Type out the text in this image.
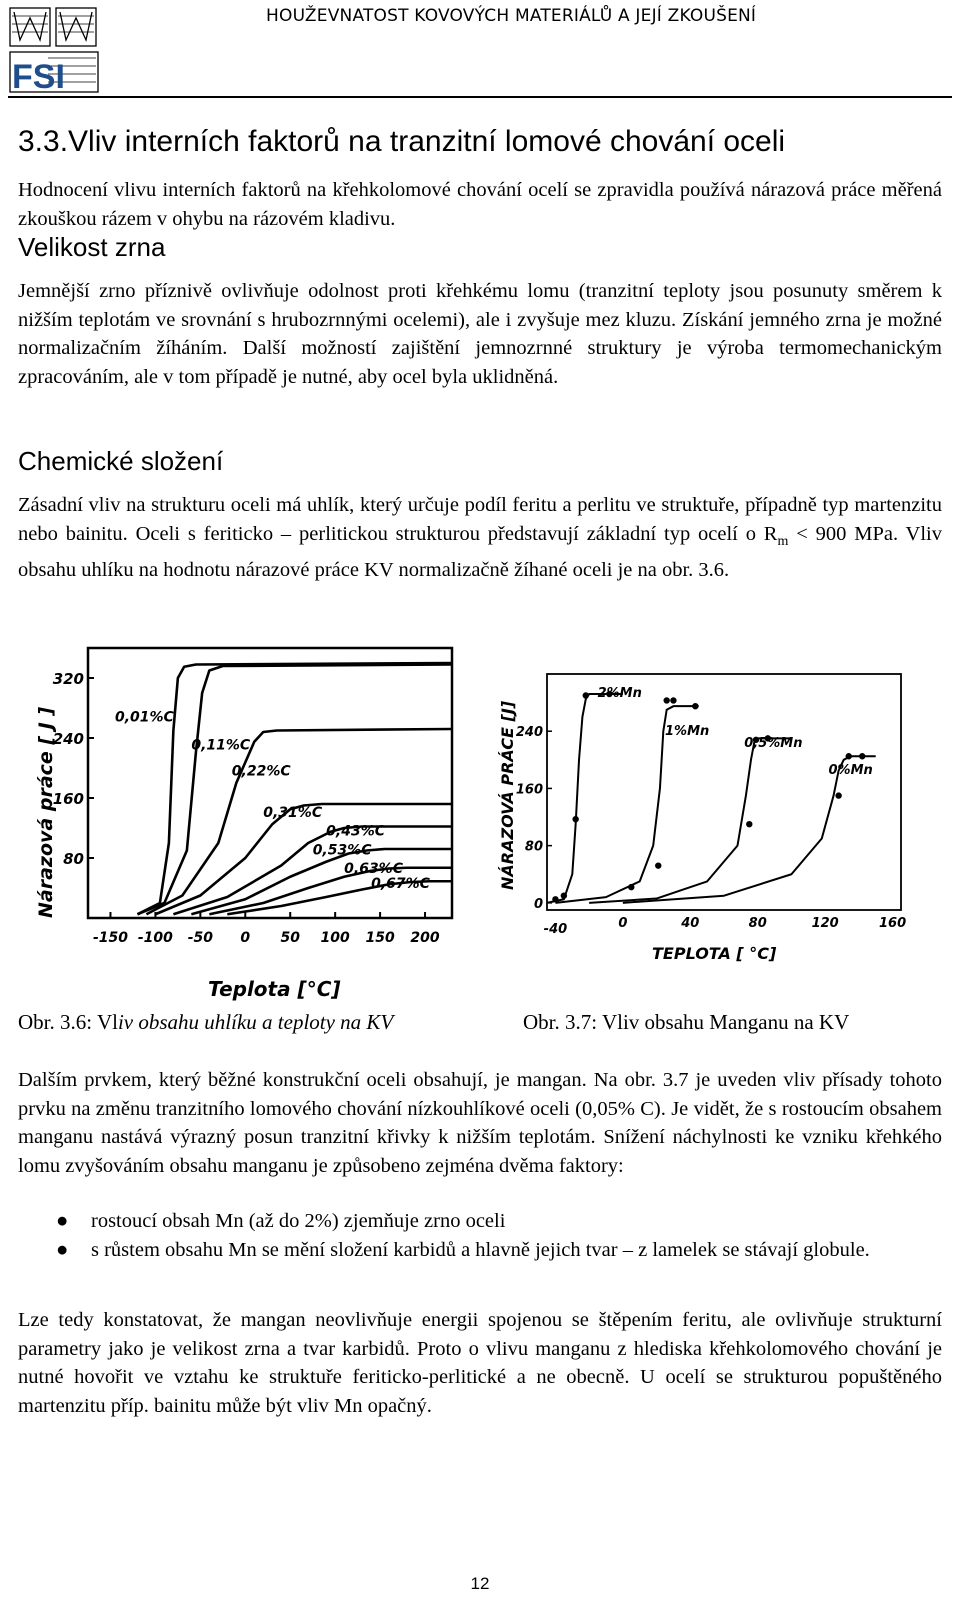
FSI
HOUŽEVNATOST KOVOVÝCH MATERIÁLŮ A JEJÍ ZKOUŠENÍ
3.3.Vliv interních faktorů na tranzitní lomové chování oceli

Hodnocení vlivu interních faktorů na křehkolomové chování ocelí se zpravidla používá nárazová práce měřená zkouškou rázem v ohybu na rázovém kladivu.

Velikost zrna

Jemnější zrno příznivě ovlivňuje odolnost proti křehkému lomu (tranzitní teploty jsou posunuty směrem k nižším teplotám ve srovnání s hrubozrnnými ocelemi), ale i zvyšuje mez kluzu. Získání jemného zrna je možné normalizačním žíháním. Další možností zajištění jemnozrnné struktury je výroba termomechanickým zpracováním, ale v tom případě je nutné, aby ocel byla uklidněná.

Chemické složení

Zásadní vliv na strukturu oceli má uhlík, který určuje podíl feritu a perlitu ve struktuře, případně typ martenzitu nebo bainitu. Oceli s feriticko – perlitickou strukturou představují základní typ ocelí o $R_m < 900$ MPa. Vliv obsahu uhlíku na hodnotu nárazové práce KV normalizačně žíhané oceli je na obr. 3.6.

80
160
240
320
-150 -100 -50 0 50 100 150 200
0,01%C
0,11%C
0,22%C
0,31%C
0,43%C
0,53%C
0,63%C
0,67%C
Nárazová práce [ J ]
Teplota [°C]
0
80
160
240
-40	0	40	80	120	160
2%Mn
1%Mn
0,5%Mn
0%Mn
NÁRAZOVÁ PRÁCE [J]
TEPLOTA [ °C]
Obr. 3.6: Vliv obsahu uhlíku a teploty na KV	Obr. 3.7: Vliv obsahu Manganu na KV

Dalším prvkem, který běžné konstrukční oceli obsahují, je mangan. Na obr. 3.7 je uveden vliv přísady tohoto prvku na změnu tranzitního lomového chování nízkouhlíkové oceli (0,05% C). Je vidět, že s rostoucím obsahem manganu nastává výrazný posun tranzitní křivky k nižším teplotám. Snížení náchylnosti ke vzniku křehkého lomu zvyšováním obsahu manganu je způsobeno zejména dvěma faktory:

● rostoucí obsah Mn (až do 2%) zjemňuje zrno oceli
● s růstem obsahu Mn se mění složení karbidů a hlavně jejich tvar – z lamelek se stávají globule.

Lze tedy konstatovat, že mangan neovlivňuje energii spojenou se štěpením feritu, ale ovlivňuje strukturní parametry jako je velikost zrna a tvar karbidů. Proto o vlivu manganu z hlediska křehkolomového chování je nutné hovořit ve vztahu ke struktuře feriticko-perlitické a ne obecně. U ocelí se strukturou popuštěného martenzitu příp. bainitu může být vliv Mn opačný.

12
